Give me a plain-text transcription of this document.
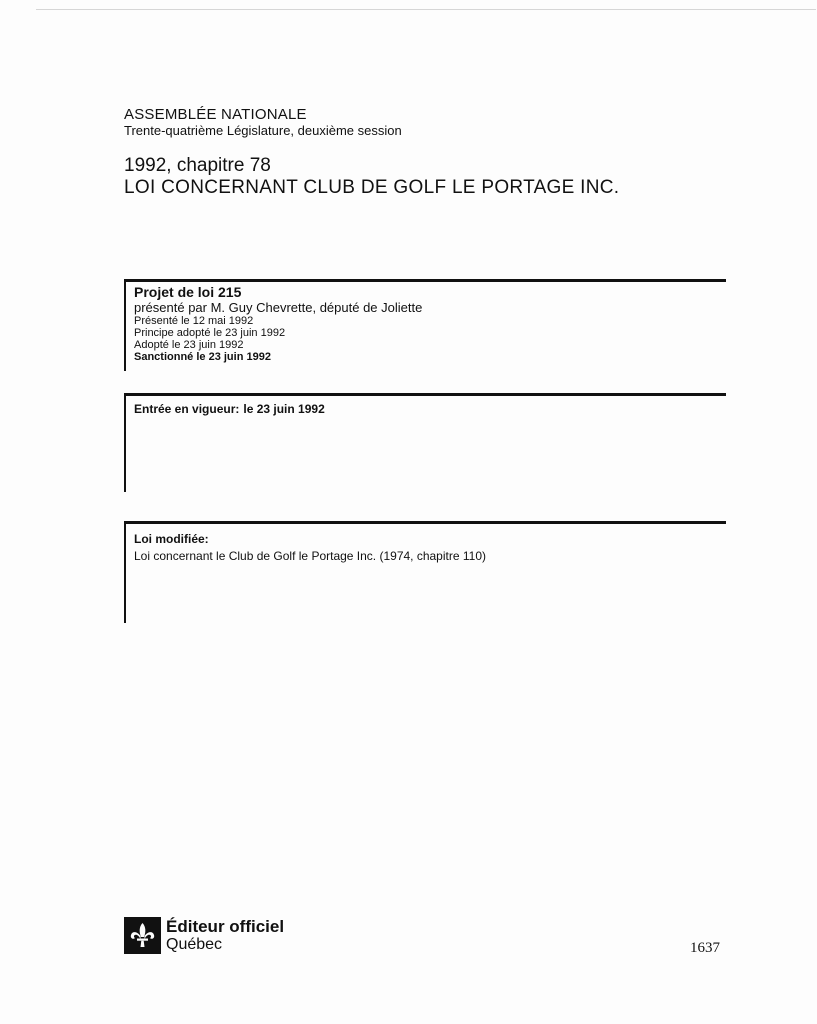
ASSEMBLÉE NATIONALE
Trente-quatrième Législature, deuxième session
1992, chapitre 78
LOI CONCERNANT CLUB DE GOLF LE PORTAGE INC.
Projet de loi 215
présenté par M. Guy Chevrette, député de Joliette
Présenté le 12 mai 1992
Principe adopté le 23 juin 1992
Adopté le 23 juin 1992
Sanctionné le 23 juin 1992
Entrée en vigueur: le 23 juin 1992
Loi modifiée:
Loi concernant le Club de Golf le Portage Inc. (1974, chapitre 110)
Éditeur officiel
Québec	1637
